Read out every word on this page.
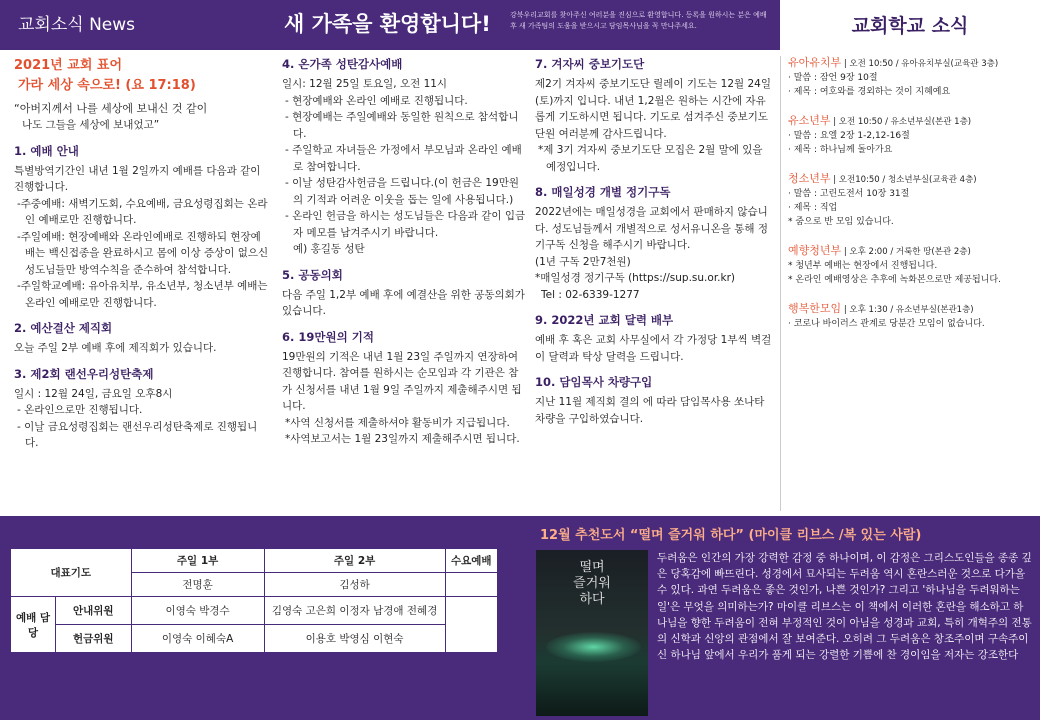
교회소식 News	새 가족을 환영합니다!	강북우리교회를 찾아주신 여러분을 진심으로 환영합니다. 등록을 원하시는 분은 예배 후 새 가족팀의 도움을 받으시고 담임목사님을 꼭 만나주세요.	교회학교 소식

2021년 교회 표어

가라 세상 속으로! (요 17:18)

“아버지께서 나를 세상에 보내신 것 같이

나도 그들을 세상에 보내었고”

1. 예배 안내

특별방역기간인 내년 1월 2일까지 예배를 다음과 같이 진행합니다.

-주중예배: 새벽기도회, 수요예배, 금요성령집회는 온라인 예배로만 진행합니다.

-주일예배: 현장예배와 온라인예배로 진행하되 현장예배는 백신접종을 완료하시고 몸에 이상 증상이 없으신 성도님들만 방역수칙을 준수하여 참석합니다.

-주일학교예배: 유아유치부, 유소년부, 청소년부 예배는 온라인 예배로만 진행합니다.

2. 예산결산 제직회

오늘 주일 2부 예배 후에 제직회가 있습니다.

3. 제2회 랜선우리성탄축제

일시 : 12월 24일, 금요일 오후8시

- 온라인으로만 진행됩니다.

- 이날 금요성령집회는 랜선우리성탄축제로 진행됩니다.

4. 온가족 성탄감사예배

일시: 12월 25일 토요일, 오전 11시

- 현장예배와 온라인 예배로 진행됩니다.

- 현장예배는 주일예배와 동일한 원칙으로 참석합니다.

- 주일학교 자녀들은 가정에서 부모님과 온라인 예배로 참여합니다.

- 이날 성탄감사헌금을 드립니다.(이 헌금은 19만원의 기적과 어려운 이웃을 돕는 일에 사용됩니다.)

- 온라인 헌금을 하시는 성도님들은 다음과 같이 입금자 메모를 남겨주시기 바랍니다.

예) 홍길동 성탄

5. 공동의회

다음 주일 1,2부 예배 후에 예결산을 위한 공동의회가 있습니다.

6. 19만원의 기적

19만원의 기적은 내년 1월 23일 주일까지 연장하여 진행합니다. 참여를 원하시는 순모임과 각 기관은 참가 신청서를 내년 1월 9일 주일까지 제출해주시면 됩니다.

*사역 신청서를 제출하셔야 활동비가 지급됩니다.

*사역보고서는 1월 23일까지 제출해주시면 됩니다.

7. 겨자씨 중보기도단

제2기 겨자씨 중보기도단 릴레이 기도는 12월 24일(토)까지 입니다. 내년 1,2월은 원하는 시간에 자유롭게 기도하시면 됩니다. 기도로 섬겨주신 중보기도단원 여러분께 감사드립니다.

*제 3기 겨자씨 중보기도단 모집은 2월 말에 있을 예정입니다.

8. 매일성경 개별 정기구독

2022년에는 매일성경을 교회에서 판매하지 않습니다. 성도님들께서 개별적으로 성서유니온을 통해 정기구독 신청을 해주시기 바랍니다.

(1년 구독 2만7천원)

*매일성경 정기구독 (https://sup.su.or.kr)

Tel : 02-6339-1277

9. 2022년 교회 달력 배부

예배 후 혹은 교회 사무실에서 각 가정당 1부씩 벽걸이 달력과 탁상 달력을 드립니다.

10. 담임목사 차량구입

지난 11월 제직회 결의 에 따라 담임목사용 쏘나타 차량을 구입하였습니다.

유아유치부 | 오전 10:50 / 유아유치부실(교육관 3층)
· 말씀 : 잠언 9장 10절
· 제목 : 여호와를 경외하는 것이 지혜예요
유소년부 | 오전 10:50 / 유소년부실(본관 1층)
· 말씀 : 요엘 2장 1-2,12-16절
· 제목 : 하나님께 돌아가요
청소년부 | 오전10:50 / 청소년부실(교육관 4층)
· 말씀 : 고린도전서 10장 31절
· 제목 : 직업
* 줌으로 반 모임 있습니다.
예향청년부 | 오후 2:00 / 거룩한 땅(본관 2층)
* 청년부 예배는 현장에서 진행됩니다.
* 온라인 예배영상은 추후에 녹화본으로만 제공됩니다.
행복한모임 | 오후 1:30 / 유소년부실(본관1층)
· 코로나 바이러스 관계로 당분간 모임이 없습니다.
대표기도		주일 1부	주일 2부	수요예배
		전명훈	김성하	
예배 담당	안내위원	이영숙 박경수	김영숙 고은희 이정자 남경애 전혜경	
	헌금위원	이영숙 이혜숙A	이용호 박영심 이현숙	
12월 추천도서 “떨며 즐거워 하다” (마이클 리브스 /복 있는 사람)
떨며
즐거워
하다
두려움은 인간의 가장 강력한 감정 중 하나이며, 이 감정은 그리스도인들을 종종 깊은 당혹감에 빠뜨린다. 성경에서 묘사되는 두려움 역시 혼란스러운 것으로 다가올 수 있다. 과연 두려움은 좋은 것인가, 나쁜 것인가? 그리고 '하나님을 두려워하는 일'은 무엇을 의미하는가? 마이클 리브스는 이 책에서 이러한 혼란을 해소하고 하나님을 향한 두려움이 전혀 부정적인 것이 아님을 성경과 교회, 특히 개혁주의 전통의 신학과 신앙의 관점에서 잘 보여준다. 오히려 그 두려움은 창조주이며 구속주이신 하나님 앞에서 우리가 품게 되는 강렬한 기쁨에 찬 경이임을 저자는 강조한다
